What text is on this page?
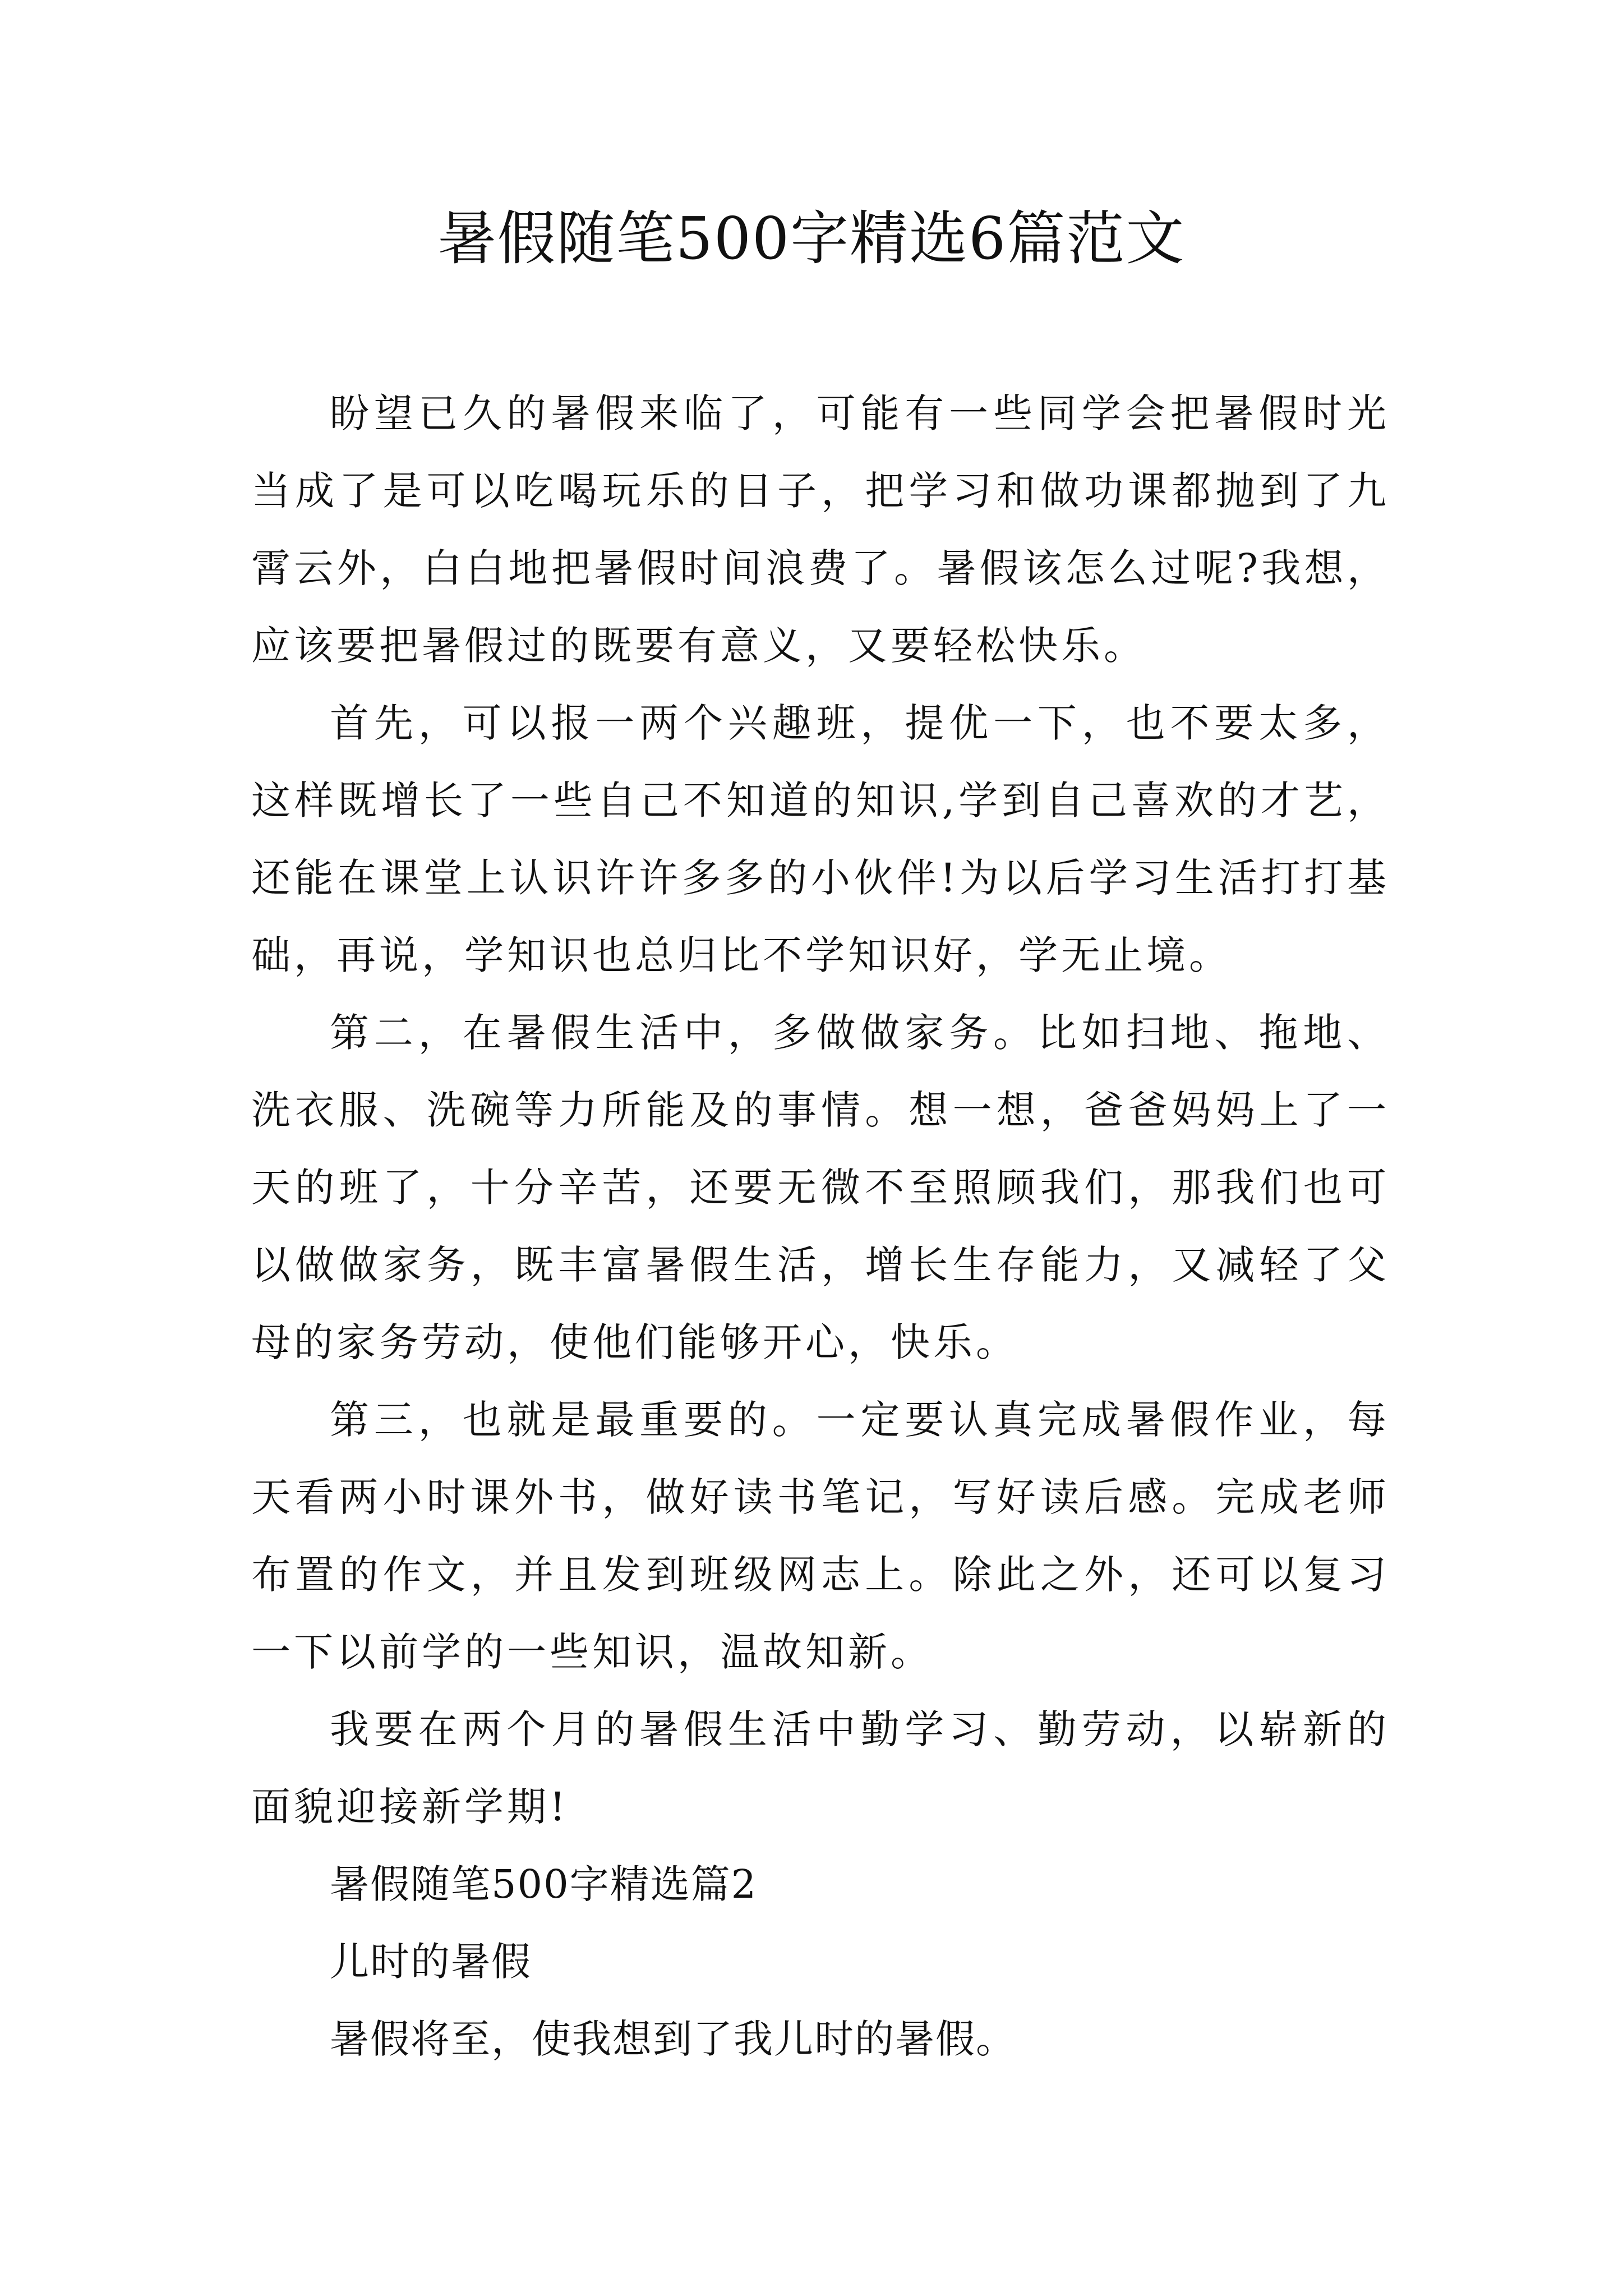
暑假随笔500字精选6篇范文

盼望已久的暑假来临了，可能有一些同学会把暑假时光当成了是可以吃喝玩乐的日子，把学习和做功课都抛到了九霄云外，白白地把暑假时间浪费了。暑假该怎么过呢?我想，应该要把暑假过的既要有意义，又要轻松快乐。

首先，可以报一两个兴趣班，提优一下，也不要太多，这样既增长了一些自己不知道的知识,学到自己喜欢的才艺，还能在课堂上认识许许多多的小伙伴!为以后学习生活打打基础，再说，学知识也总归比不学知识好，学无止境。

第二，在暑假生活中，多做做家务。比如扫地、拖地、洗衣服、洗碗等力所能及的事情。想一想，爸爸妈妈上了一天的班了，十分辛苦，还要无微不至照顾我们，那我们也可以做做家务，既丰富暑假生活，增长生存能力，又减轻了父母的家务劳动，使他们能够开心，快乐。

第三，也就是最重要的。一定要认真完成暑假作业，每天看两小时课外书，做好读书笔记，写好读后感。完成老师布置的作文，并且发到班级网志上。除此之外，还可以复习一下以前学的一些知识，温故知新。

我要在两个月的暑假生活中勤学习、勤劳动，以崭新的面貌迎接新学期!

暑假随笔500字精选篇2

儿时的暑假

暑假将至，使我想到了我儿时的暑假。
